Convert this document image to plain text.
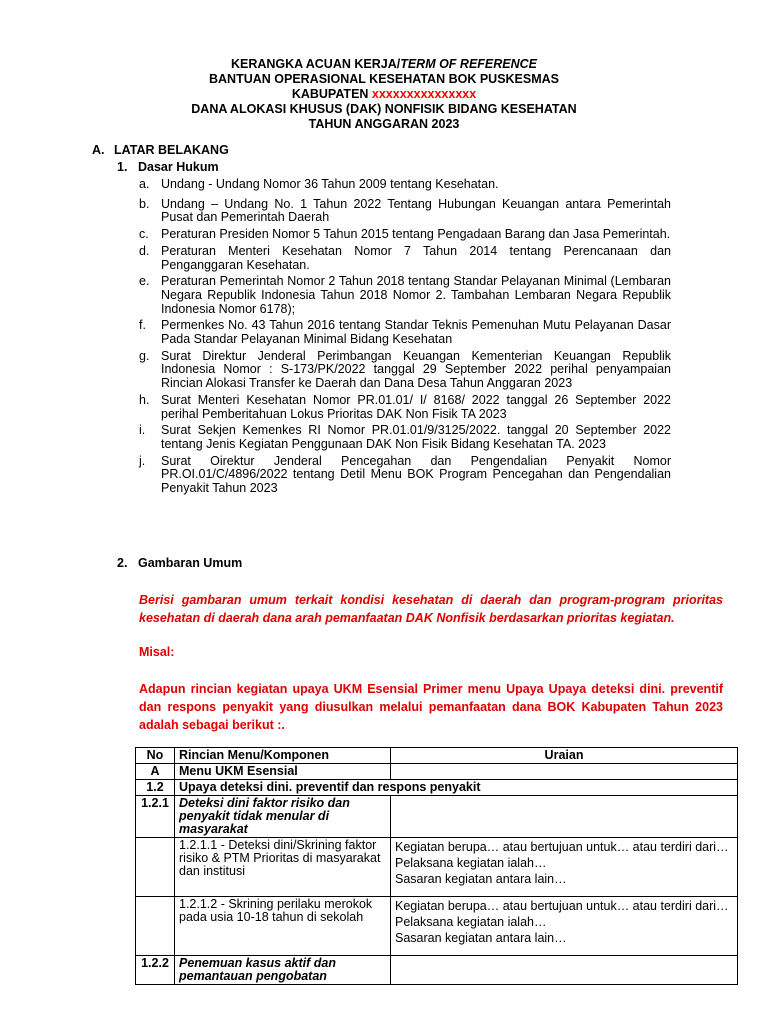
KERANGKA ACUAN KERJA/TERM OF REFERENCE
BANTUAN OPERASIONAL KESEHATAN BOK PUSKESMAS
KABUPATEN xxxxxxxxxxxxxxx
DANA ALOKASI KHUSUS (DAK) NONFISIK BIDANG KESEHATAN
TAHUN ANGGARAN 2023
A. LATAR BELAKANG
1. Dasar Hukum
a. Undang - Undang Nomor 36 Tahun 2009 tentang Kesehatan.
b. Undang – Undang No. 1 Tahun 2022 Tentang Hubungan Keuangan antara Pemerintah Pusat dan Pemerintah Daerah
c. Peraturan Presiden Nomor 5 Tahun 2015 tentang Pengadaan Barang dan Jasa Pemerintah.
d. Peraturan Menteri Kesehatan Nomor 7 Tahun 2014 tentang Perencanaan dan Penganggaran Kesehatan.
e. Peraturan Pemerintah Nomor 2 Tahun 2018 tentang Standar Pelayanan Minimal (Lembaran Negara Republik Indonesia Tahun 2018 Nomor 2. Tambahan Lembaran Negara Republik Indonesia Nomor 6178);
f.	Permenkes No. 43 Tahun 2016 tentang Standar Teknis Pemenuhan Mutu Pelayanan Dasar Pada Standar Pelayanan Minimal Bidang Kesehatan
g. Surat Direktur Jenderal Perimbangan Keuangan Kementerian Keuangan Republik Indonesia Nomor : S-173/PK/2022 tanggal 29 September 2022 perihal penyampaian Rincian Alokasi Transfer ke Daerah dan Dana Desa Tahun Anggaran 2023
h. Surat Menteri Kesehatan Nomor PR.01.01/ I/ 8168/ 2022 tanggal 26 September 2022 perihal Pemberitahuan Lokus Prioritas DAK Non Fisik TA 2023
i.	Surat Sekjen Kemenkes RI Nomor PR.01.01/9/3125/2022. tanggal 20 September 2022 tentang Jenis Kegiatan Penggunaan DAK Non Fisik Bidang Kesehatan TA. 2023
j.	Surat Oirektur Jenderal Pencegahan dan Pengendalian Penyakit Nomor PR.OI.01/C/4896/2022 tentang Detil Menu BOK Program Pencegahan dan Pengendalian Penyakit Tahun 2023
2. Gambaran Umum
Berisi gambaran umum terkait kondisi kesehatan di daerah dan program-program prioritas kesehatan di daerah dana arah pemanfaatan DAK Nonfisik berdasarkan prioritas kegiatan.
Misal:
Adapun rincian kegiatan upaya UKM Esensial Primer menu Upaya Upaya deteksi dini. preventif dan respons penyakit yang diusulkan melalui pemanfaatan dana BOK Kabupaten Tahun 2023 adalah sebagai berikut :.
No	Rincian Menu/Komponen	Uraian
A	Menu UKM Esensial	
1.2	Upaya deteksi dini. preventif dan respons penyakit	
1.2.1	Deteksi dini faktor risiko dan penyakit tidak menular di masyarakat	
	1.2.1.1 - Deteksi dini/Skrining faktor risiko & PTM Prioritas di masyarakat dan institusi	Kegiatan berupa… atau bertujuan untuk… atau terdiri dari…
Pelaksana kegiatan ialah…
Sasaran kegiatan antara lain…

	1.2.1.2 - Skrining perilaku merokok pada usia 10-18 tahun di sekolah	Kegiatan berupa… atau bertujuan untuk… atau terdiri dari…
Pelaksana kegiatan ialah…
Sasaran kegiatan antara lain…

1.2.2	Penemuan kasus aktif dan pemantauan pengobatan	
